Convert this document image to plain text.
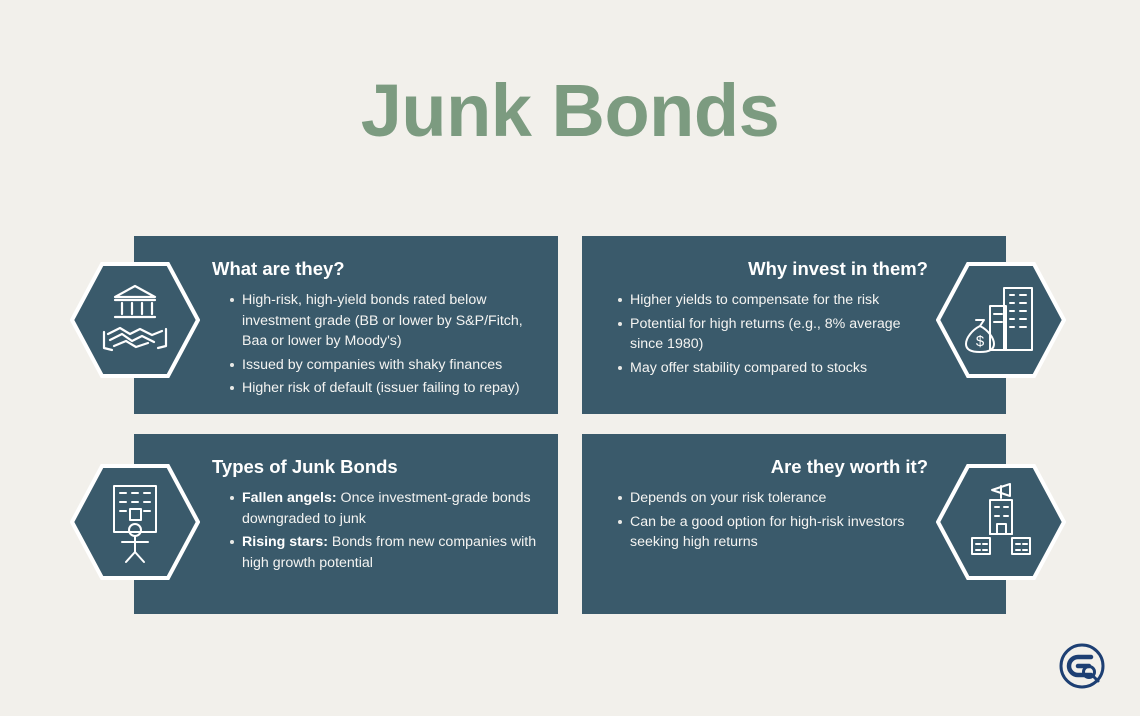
Junk Bonds
What are they?
High-risk, high-yield bonds rated below investment grade (BB or lower by S&P/Fitch, Baa or lower by Moody's)
Issued by companies with shaky finances
Higher risk of default (issuer failing to repay)
Why invest in them?
Higher yields to compensate for the risk
Potential for high returns (e.g., 8% average since 1980)
May offer stability compared to stocks
Types of Junk Bonds
Fallen angels: Once investment-grade bonds downgraded to junk
Rising stars: Bonds from new companies with high growth potential
Are they worth it?
Depends on your risk tolerance
Can be a good option for high-risk investors seeking high returns
$
